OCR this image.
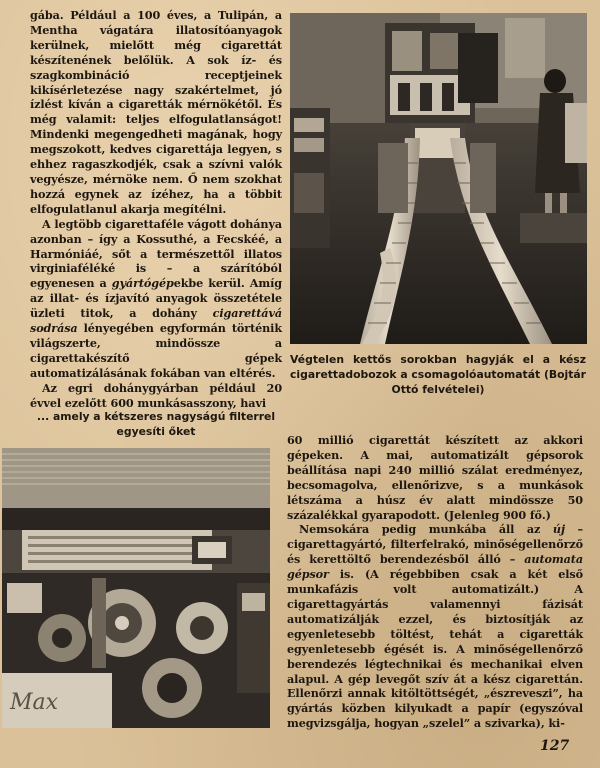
gába. Például a 100 éves, a Tulipán, a Mentha vágatára illatosítóanyagok kerülnek, mielőtt még cigarettát készítenének belőlük. A sok íz- és szagkombináció receptjeinek kikísérletezése nagy szakértelmet, jó ízlést kíván a cigaretták mérnökétől. És még valamit: teljes elfogulatlanságot! Mindenki megengedheti magának, hogy megszokott, kedves cigarettája legyen, s ehhez ragaszkodjék, csak a szívni valók vegyésze, mérnöke nem. Ő nem szokhat hozzá egynek az ízéhez, ha a többit elfogulatlanul akarja megítélni.

A legtöbb cigarettaféle vágott dohánya azonban – így a Kossuthé, a Fecskéé, a Harmóniáé, sőt a természettől illatos virginiaféléké is – a szárítóból egyenesen a gyártógépekbe kerül. Amíg az illat- és ízjavító anyagok összetétele üzleti titok, a dohány cigarettává sodrása lényegében egyformán történik világszerte, mindössze a cigarettakészítő gépek automatizálásának fokában van eltérés.

Az egri dohánygyárban például 20 évvel ezelőtt 600 munkásasszony, havi

Végtelen kettős sorokban hagyják el a kész cigarettadobozok a csomagolóautomatát (Bojtár Ottó felvételei)
... amely a kétszeres nagyságú filterrel egyesíti őket
Max

60 millió cigarettát készített az akkori gépeken. A mai, automatizált gépsorok beállítása napi 240 millió szálat eredményez, becsomagolva, ellenőrizve, s a munkások létszáma a húsz év alatt mindössze 50 százalékkal gyarapodott. (Jelenleg 900 fő.)

Nemsokára pedig munkába áll az új – cigarettagyártó, filterfelrakó, minőségellenőrző és kerettöltő berendezésből álló – automata gépsor is. (A régebbiben csak a két első munkafázis volt automatizált.) A cigarettagyártás valamennyi fázisát automatizálják ezzel, és biztosítják az egyenletesebb töltést, tehát a cigaretták egyenletesebb égését is. A minőségellenőrző berendezés légtechnikai és mechanikai elven alapul. A gép levegőt szív át a kész cigarettán. Ellenőrzi annak kitöltöttségét, „észreveszi”, ha gyártás közben kilyukadt a papír (egyszóval megvizsgálja, hogyan „szelel” a szivarka), ki-

127
